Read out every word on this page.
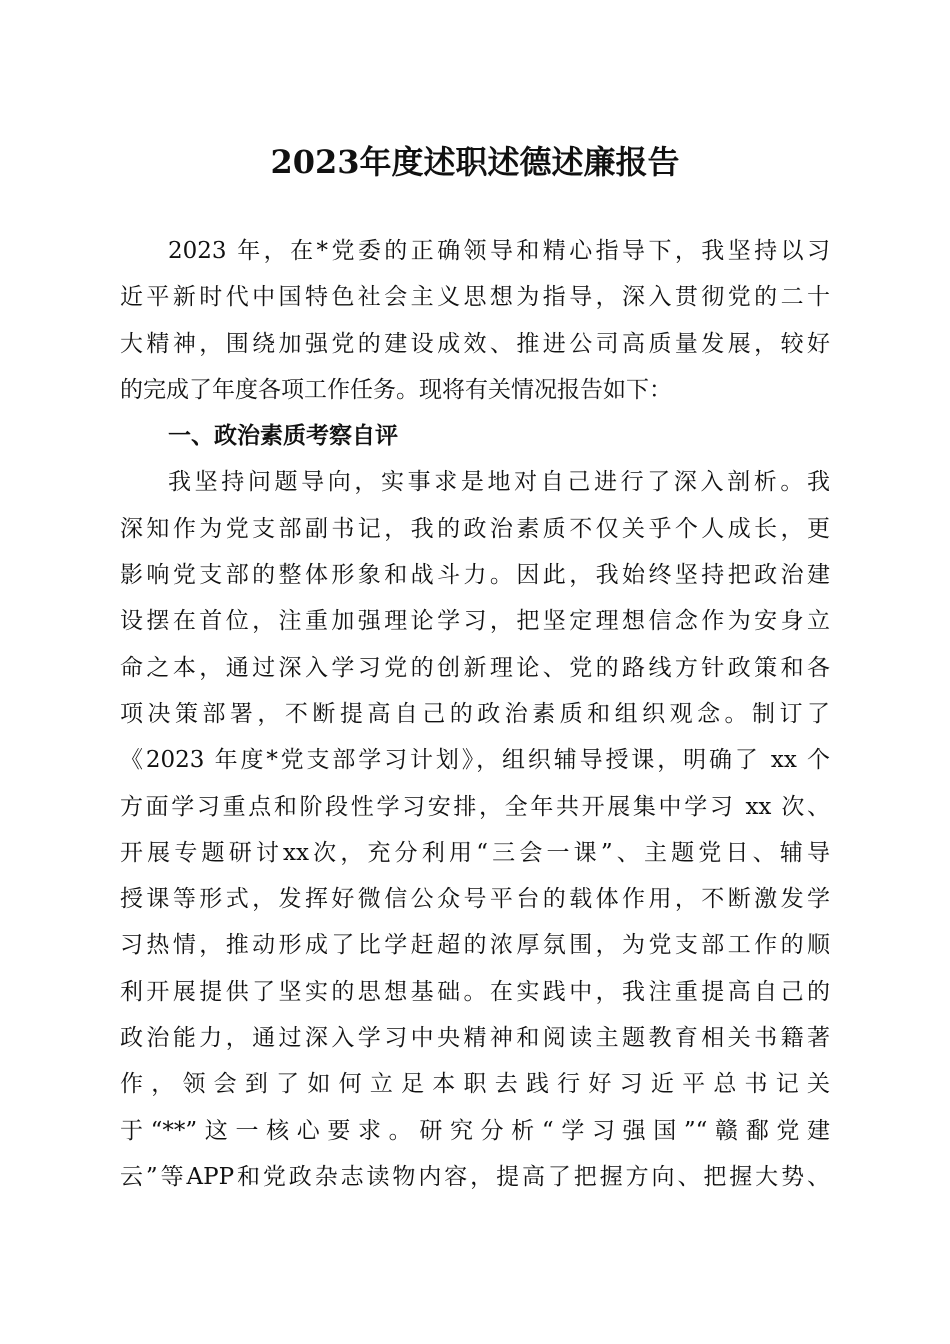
2023年度述职述德述廉报告
2023 年，在*党委的正确领导和精心指导下，我坚持以习
近平新时代中国特色社会主义思想为指导，深入贯彻党的二十
大精神，围绕加强党的建设成效、推进公司高质量发展，较好
的完成了年度各项工作任务。现将有关情况报告如下：
一、政治素质考察自评
我坚持问题导向，实事求是地对自己进行了深入剖析。我
深知作为党支部副书记，我的政治素质不仅关乎个人成长，更
影响党支部的整体形象和战斗力。因此，我始终坚持把政治建
设摆在首位，注重加强理论学习，把坚定理想信念作为安身立
命之本，通过深入学习党的创新理论、党的路线方针政策和各
项决策部署，不断提高自己的政治素质和组织观念。制订了
《2023 年度*党支部学习计划》，组织辅导授课，明确了 xx 个
方面学习重点和阶段性学习安排，全年共开展集中学习 xx 次、
开展专题研讨xx次，充分利用“三会一课”、主题党日、辅导
授课等形式，发挥好微信公众号平台的载体作用，不断激发学
习热情，推动形成了比学赶超的浓厚氛围，为党支部工作的顺
利开展提供了坚实的思想基础。在实践中，我注重提高自己的
政治能力，通过深入学习中央精神和阅读主题教育相关书籍著
作，领会到了如何立足本职去践行好习近平总书记关
于“**”这一核心要求。研究分析“学习强国”“赣鄱党建
云”等APP和党政杂志读物内容，提高了把握方向、把握大势、
